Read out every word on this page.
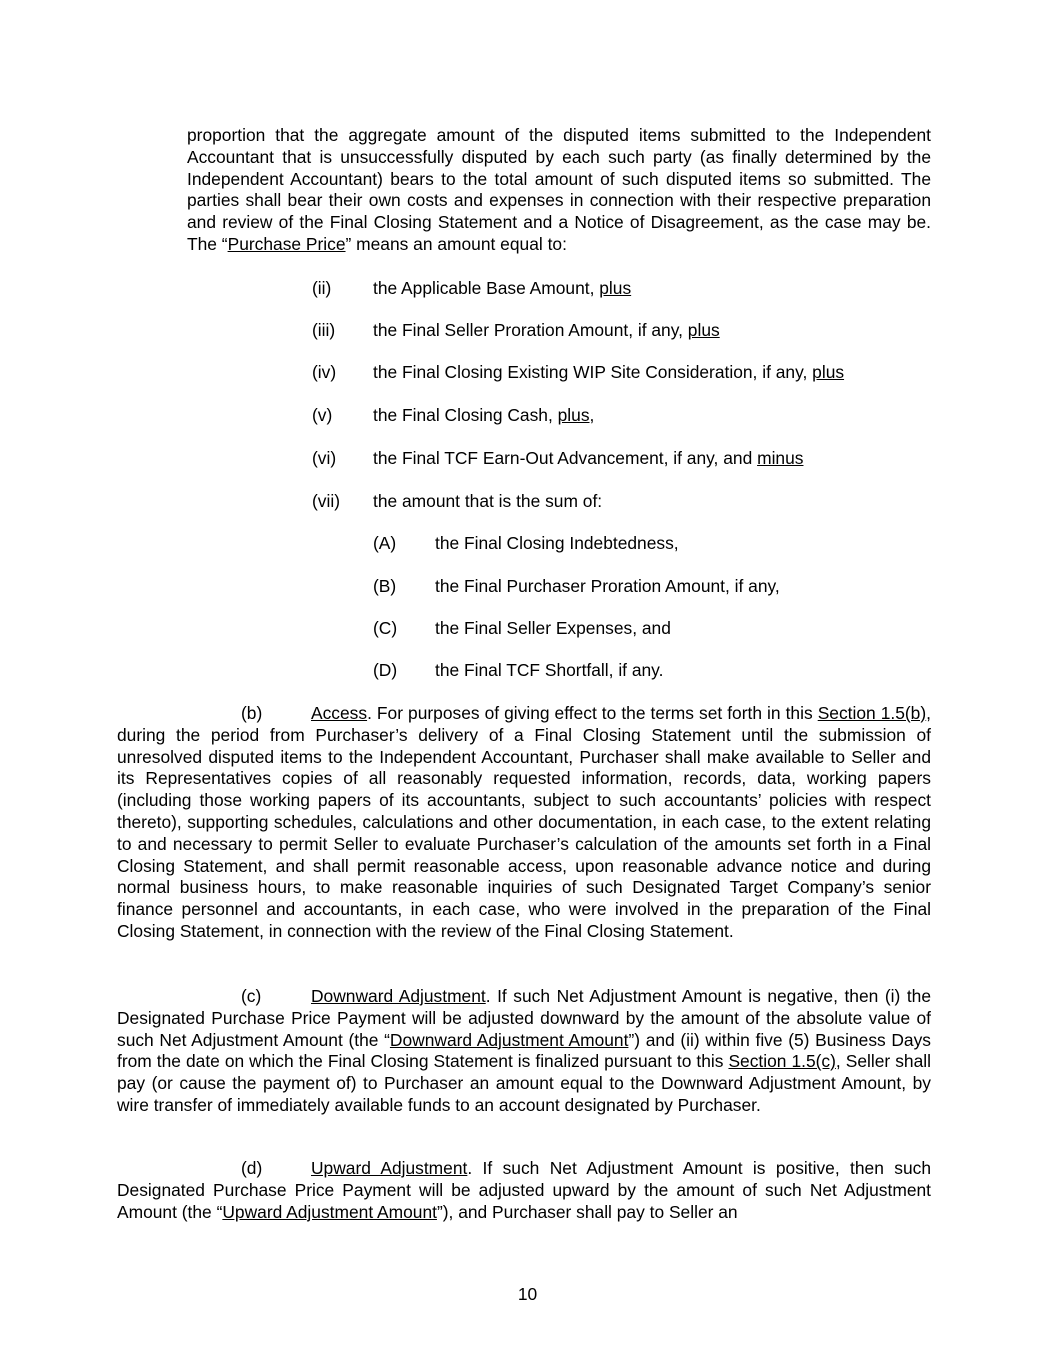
proportion that the aggregate amount of the disputed items submitted to the Independent Accountant that is unsuccessfully disputed by each such party (as finally determined by the Independent Accountant) bears to the total amount of such disputed items so submitted. The parties shall bear their own costs and expenses in connection with their respective preparation and review of the Final Closing Statement and a Notice of Disagreement, as the case may be. The “Purchase Price” means an amount equal to:

(ii) the Applicable Base Amount, plus
(iii) the Final Seller Proration Amount, if any, plus
(iv) the Final Closing Existing WIP Site Consideration, if any, plus
(v) the Final Closing Cash, plus,
(vi) the Final TCF Earn-Out Advancement, if any, and minus
(vii) the amount that is the sum of:
(A) the Final Closing Indebtedness,
(B) the Final Purchaser Proration Amount, if any,
(C) the Final Seller Expenses, and
(D) the Final TCF Shortfall, if any.

(b)	Access. For purposes of giving effect to the terms set forth in this Section 1.5(b), during the period from Purchaser’s delivery of a Final Closing Statement until the submission of unresolved disputed items to the Independent Accountant, Purchaser shall make available to Seller and its Representatives copies of all reasonably requested information, records, data, working papers (including those working papers of its accountants, subject to such accountants’ policies with respect thereto), supporting schedules, calculations and other documentation, in each case, to the extent relating to and necessary to permit Seller to evaluate Purchaser’s calculation of the amounts set forth in a Final Closing Statement, and shall permit reasonable access, upon reasonable advance notice and during normal business hours, to make reasonable inquiries of such Designated Target Company’s senior finance personnel and accountants, in each case, who were involved in the preparation of the Final Closing Statement, in connection with the review of the Final Closing Statement.

(c)	Downward Adjustment. If such Net Adjustment Amount is negative, then (i) the Designated Purchase Price Payment will be adjusted downward by the amount of the absolute value of such Net Adjustment Amount (the “Downward Adjustment Amount”) and (ii) within five (5) Business Days from the date on which the Final Closing Statement is finalized pursuant to this Section 1.5(c), Seller shall pay (or cause the payment of) to Purchaser an amount equal to the Downward Adjustment Amount, by wire transfer of immediately available funds to an account designated by Purchaser.

(d)	Upward Adjustment. If such Net Adjustment Amount is positive, then such Designated Purchase Price Payment will be adjusted upward by the amount of such Net Adjustment Amount (the “Upward Adjustment Amount”), and Purchaser shall pay to Seller an

10
